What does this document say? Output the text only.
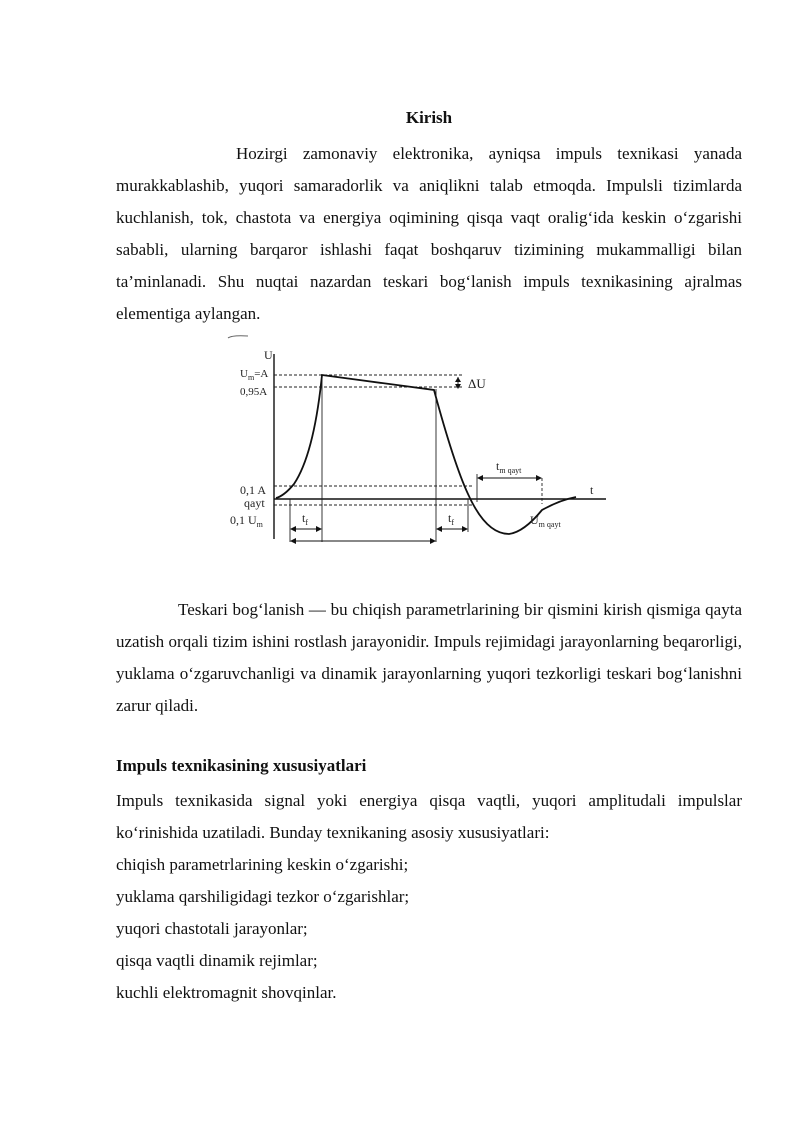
Kirish

Hozirgi zamonaviy elektronika, ayniqsa impuls texnikasi yanada murakkablashib, yuqori samaradorlik va aniqlikni talab etmoqda. Impulsli tizimlarda kuchlanish, tok, chastota va energiya oqimining qisqa vaqt oralig‘ida keskin o‘zgarishi sababli, ularning barqaror ishlashi faqat boshqaruv tizimining mukammalligi bilan ta’minlanadi. Shu nuqtai nazardan teskari bog‘lanish impuls texnikasining ajralmas elementiga aylangan.

U
t
ΔU
$U_m=A$
0,95A
0,1 A
qayt
0,1 $U_m$	$t_f$	$t_f$
$t_{m qayt}$
$U_{m qayt}$

Teskari bog‘lanish — bu chiqish parametrlarining bir qismini kirish qismiga qayta uzatish orqali tizim ishini rostlash jarayonidir. Impuls rejimidagi jarayonlarning beqarorligi, yuklama o‘zgaruvchanligi va dinamik jarayonlarning yuqori tezkorligi teskari bog‘lanishni zarur qiladi.

Impuls texnikasining xususiyatlari

Impuls texnikasida signal yoki energiya qisqa vaqtli, yuqori amplitudali impulslar ko‘rinishida uzatiladi. Bunday texnikaning asosiy xususiyatlari:

chiqish parametrlarining keskin o‘zgarishi;
yuklama qarshiligidagi tezkor o‘zgarishlar;
yuqori chastotali jarayonlar;
qisqa vaqtli dinamik rejimlar;
kuchli elektromagnit shovqinlar.
